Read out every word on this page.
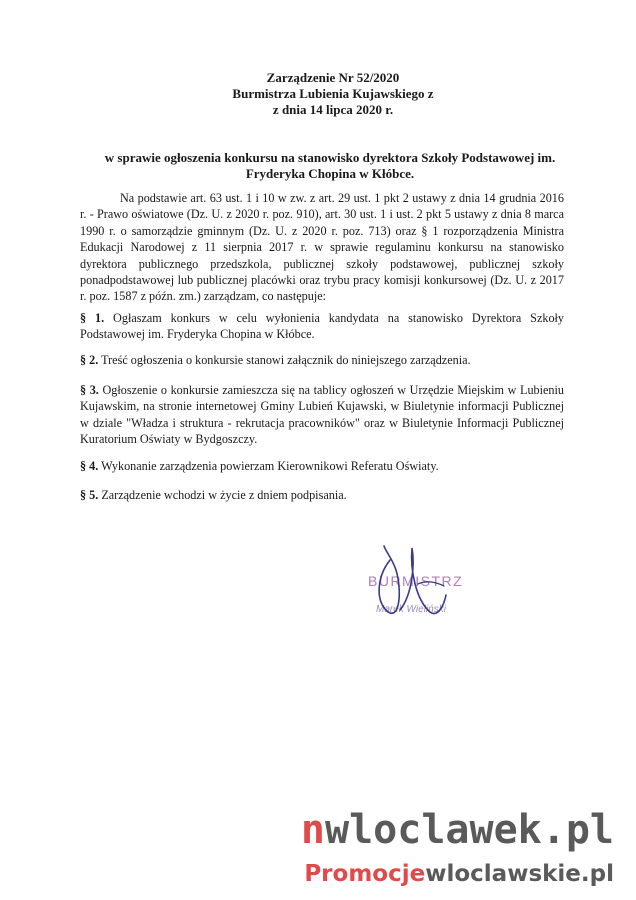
Zarządzenie Nr 52/2020
Burmistrza Lubienia Kujawskiego z
z dnia 14 lipca 2020 r.
w sprawie ogłoszenia konkursu na stanowisko dyrektora Szkoły Podstawowej im.
Fryderyka Chopina w Kłóbce.
Na podstawie art. 63 ust. 1 i 10 w zw. z art. 29 ust. 1 pkt 2 ustawy z dnia 14 grudnia 2016 r. - Prawo oświatowe (Dz. U. z 2020 r. poz. 910), art. 30 ust. 1 i ust. 2 pkt 5 ustawy z dnia 8 marca 1990 r. o samorządzie gminnym (Dz. U. z 2020 r. poz. 713) oraz § 1 rozporządzenia Ministra Edukacji Narodowej z 11 sierpnia 2017 r. w sprawie regulaminu konkursu na stanowisko dyrektora publicznego przedszkola, publicznej szkoły podstawowej, publicznej szkoły ponadpodstawowej lub publicznej placówki oraz trybu pracy komisji konkursowej (Dz. U. z 2017 r. poz. 1587 z późn. zm.) zarządzam, co następuje:
§ 1. Ogłaszam konkurs w celu wyłonienia kandydata na stanowisko Dyrektora Szkoły Podstawowej im. Fryderyka Chopina w Kłóbce.
§ 2. Treść ogłoszenia o konkursie stanowi załącznik do niniejszego zarządzenia.
§ 3. Ogłoszenie o konkursie zamieszcza się na tablicy ogłoszeń w Urzędzie Miejskim w Lubieniu Kujawskim, na stronie internetowej Gminy Lubień Kujawski, w Biuletynie informacji Publicznej w dziale "Władza i struktura - rekrutacja pracowników" oraz w Biuletynie Informacji Publicznej Kuratorium Oświaty w Bydgoszczy.
§ 4. Wykonanie zarządzenia powierzam Kierownikowi Referatu Oświaty.
§ 5. Zarządzenie wchodzi w życie z dniem podpisania.
BURMISTRZ
Marek Wieliński
nwloclawek.pl
Promocjewloclawskie.pl
